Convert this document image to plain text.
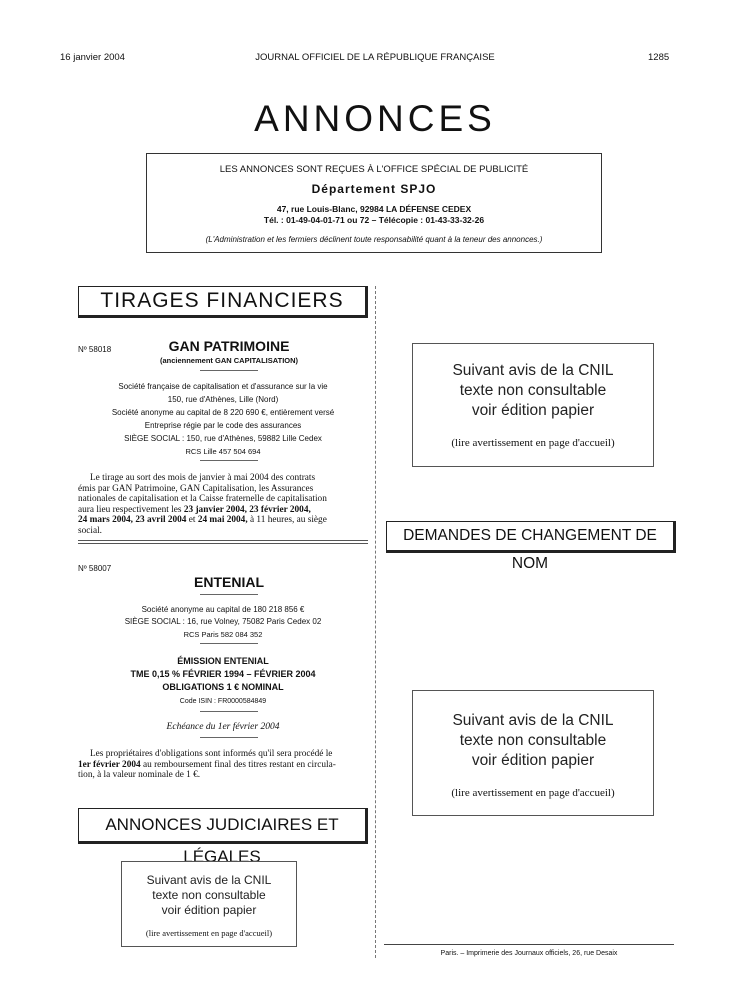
16 janvier 2004	JOURNAL OFFICIEL DE LA RÉPUBLIQUE FRANÇAISE	1285
ANNONCES
LES ANNONCES SONT REÇUES À L'OFFICE SPÉCIAL DE PUBLICITÉ
Département SPJO
47, rue Louis-Blanc, 92984 LA DÉFENSE CEDEX
Tél. : 01-49-04-01-71 ou 72 – Télécopie : 01-43-33-32-26
(L'Administration et les fermiers déclinent toute responsabilité quant à la teneur des annonces.)
TIRAGES FINANCIERS
Nº 58018	GAN PATRIMOINE
(anciennement GAN CAPITALISATION)
Société française de capitalisation et d'assurance sur la vie
150, rue d'Athènes, Lille (Nord)
Société anonyme au capital de 8 220 690 €, entièrement versé
Entreprise régie par le code des assurances
SIÈGE SOCIAL : 150, rue d'Athènes, 59882 Lille Cedex
RCS Lille 457 504 694
Le tirage au sort des mois de janvier à mai 2004 des contrats
émis par GAN Patrimoine, GAN Capitalisation, les Assurances
nationales de capitalisation et la Caisse fraternelle de capitalisation
aura lieu respectivement les 23 janvier 2004, 23 février 2004,
24 mars 2004, 23 avril 2004 et 24 mai 2004, à 11 heures, au siège
social.
Nº 58007
ENTENIAL
Société anonyme au capital de 180 218 856 €
SIÈGE SOCIAL : 16, rue Volney, 75082 Paris Cedex 02
RCS Paris 582 084 352
ÉMISSION ENTENIAL
TME 0,15 % FÉVRIER 1994 – FÉVRIER 2004
OBLIGATIONS 1 € NOMINAL
Code ISIN : FR0000584849
Echéance du 1er février 2004
Les propriétaires d'obligations sont informés qu'il sera procédé le
1er février 2004 au remboursement final des titres restant en circula-
tion, à la valeur nominale de 1 €.
ANNONCES JUDICIAIRES ET LÉGALES
Suivant avis de la CNIL
texte non consultable
voir édition papier
(lire avertissement en page d'accueil)
Suivant avis de la CNIL
texte non consultable
voir édition papier
(lire avertissement en page d'accueil)
DEMANDES DE CHANGEMENT DE NOM
Suivant avis de la CNIL
texte non consultable
voir édition papier
(lire avertissement en page d'accueil)
Paris. – Imprimerie des Journaux officiels, 26, rue Desaix
